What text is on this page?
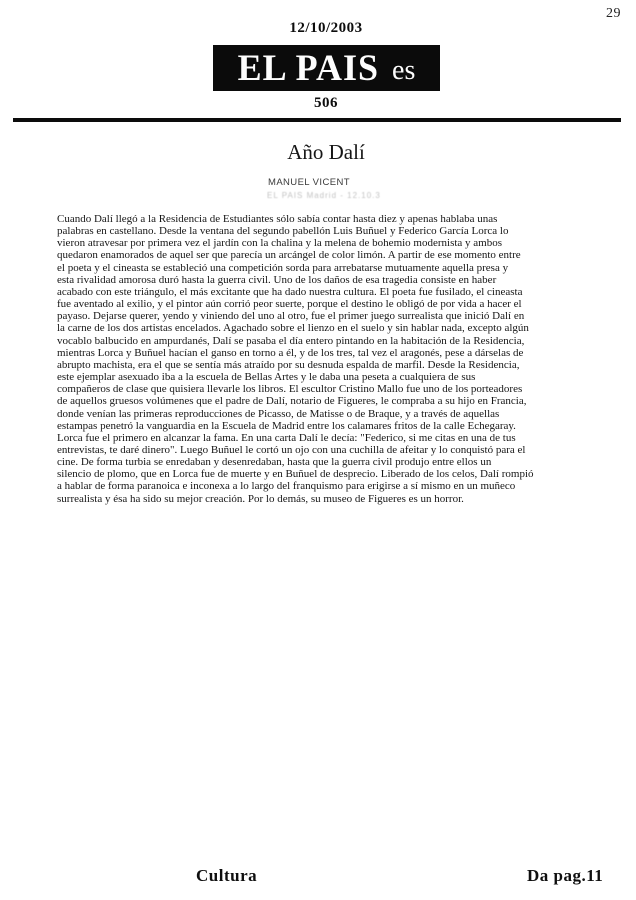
29
12/10/2003
EL PAIS es
506
Año Dalí
MANUEL VICENT
EL PAIS Madrid - 12.10.3
Cuando Dalí llegó a la Residencia de Estudiantes sólo sabía contar hasta diez y apenas hablaba unas
palabras en castellano. Desde la ventana del segundo pabellón Luis Buñuel y Federico García Lorca lo
vieron atravesar por primera vez el jardín con la chalina y la melena de bohemio modernista y ambos
quedaron enamorados de aquel ser que parecía un arcángel de color limón. A partir de ese momento entre
el poeta y el cineasta se estableció una competición sorda para arrebatarse mutuamente aquella presa y
esta rivalidad amorosa duró hasta la guerra civil. Uno de los daños de esa tragedia consiste en haber
acabado con este triángulo, el más excitante que ha dado nuestra cultura. El poeta fue fusilado, el cineasta
fue aventado al exilio, y el pintor aún corrió peor suerte, porque el destino le obligó de por vida a hacer el
payaso. Dejarse querer, yendo y viniendo del uno al otro, fue el primer juego surrealista que inició Dalí en
la carne de los dos artistas encelados. Agachado sobre el lienzo en el suelo y sin hablar nada, excepto algún
vocablo balbucido en ampurdanés, Dalí se pasaba el día entero pintando en la habitación de la Residencia,
mientras Lorca y Buñuel hacían el ganso en torno a él, y de los tres, tal vez el aragonés, pese a dárselas de
abrupto machista, era el que se sentía más atraído por su desnuda espalda de marfil. Desde la Residencia,
este ejemplar asexuado iba a la escuela de Bellas Artes y le daba una peseta a cualquiera de sus
compañeros de clase que quisiera llevarle los libros. El escultor Cristino Mallo fue uno de los porteadores
de aquellos gruesos volúmenes que el padre de Dalí, notario de Figueres, le compraba a su hijo en Francia,
donde venían las primeras reproducciones de Picasso, de Matisse o de Braque, y a través de aquellas
estampas penetró la vanguardia en la Escuela de Madrid entre los calamares fritos de la calle Echegaray.
Lorca fue el primero en alcanzar la fama. En una carta Dalí le decía: "Federico, si me citas en una de tus
entrevistas, te daré dinero". Luego Buñuel le cortó un ojo con una cuchilla de afeitar y lo conquistó para el
cine. De forma turbia se enredaban y desenredaban, hasta que la guerra civil produjo entre ellos un
silencio de plomo, que en Lorca fue de muerte y en Buñuel de desprecio. Liberado de los celos, Dalí rompió
a hablar de forma paranoica e inconexa a lo largo del franquismo para erigirse a sí mismo en un muñeco
surrealista y ésa ha sido su mejor creación. Por lo demás, su museo de Figueres es un horror.
Cultura	Da pag.11
